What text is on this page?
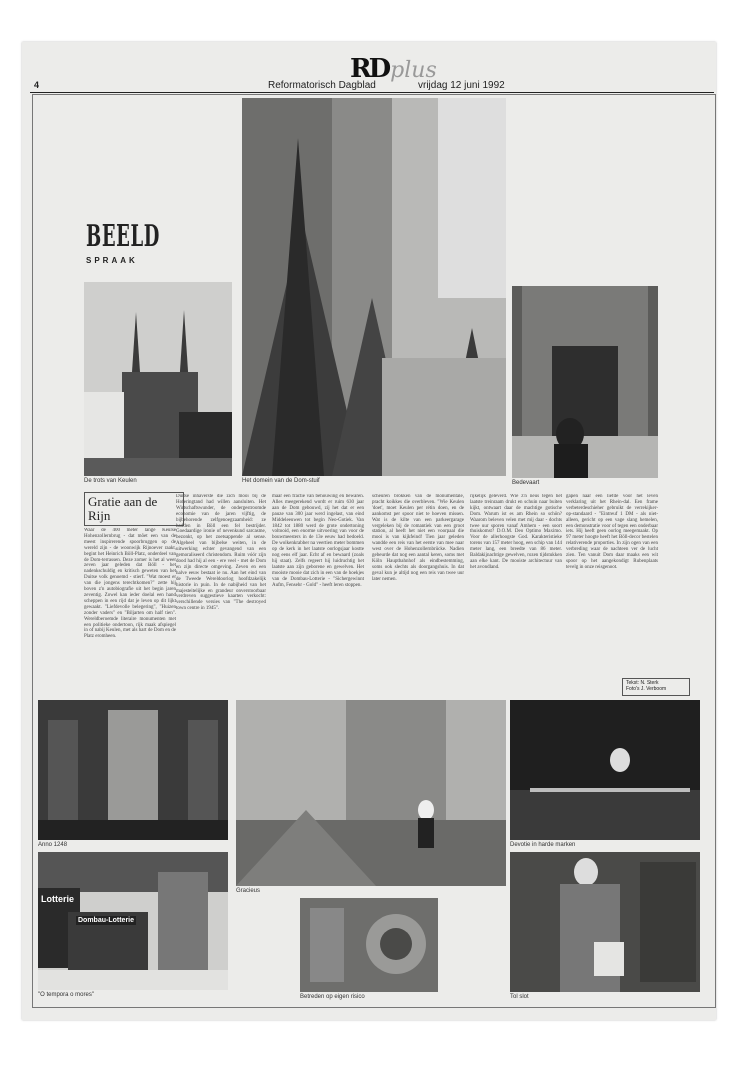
4
RDplus
Reformatorisch Dagblad	vrijdag 12 juni 1992
BEELD
SPRAAK
De trots van Keulen	Het domein van de Dom-stuif	Bedevaart
Gratie aan de Rijn
Waar de 400 meter lange Keulse Hohenzollernbrug - dat môet een van de meest inspirerende spoorbruggen op de wereld zijn - de woonwijk Rijnoever raakt, begint het Heinrich Böll-Platz, onderdeel van de Dom-terrassen. Deze zomer is het al weer zeven jaar geleden dat Böll - het nadenkschuldig en kritisch geweten van het Duitse volk genoemd - stierf. "Wat moest er van die jongens terechtkomen?" zette hij boven z'n autobiografie uit het begin jaren zeventig. Zowel kan ieder doelal een hand scheppen in een rijd dat je leven op dit lijkt gewaakt. "Liefdevolle belegering", "Huizen zonder vaders" en "Biljarten om half tien". Wereldberoemde literaire monumenten met een politieke ondertoon, rijk maak afspiegel in of nabij Keulen, met als hart de Dom en de Platz eromheen.
Duitse inhaverste die zich mooi bij de Hoferingtand had willen aansluiten. Het Wirtschaftswunder, de ondergestroomde economie van de jaren vijftig, de bijbehorende zelfgenoegzaamheid: ze hadden in Böll een fel bestrijder. Goedaardige ironie of nevenkund sarcasme, bezonkt, op het zoetsappende al sense. Algeheel van bijbelse weiten, in de uitwerking echter gevangend van een gemoraliseerd christendom. Ruim vóór zijn dood had hij al een - ere veel - met de Dom en zijn directe omgeving. Zeven en een halve eeuw bestaat ie nu. Aan het eind van de Tweede Wereldoorlog hoofdzakelijk historie in puin. In de nabijheid van het majesteitelijke en grandeur onverstoorbaar verdreven suggestieve kaarten verkocht: verschillende versies van "The destroyed town centre in 1945".
maar een fractie van behouwing en bewaren. Alles meegerekend wordt er ruim 630 jaar aan de Dom gebouwd, zij het dat er een pauze van 300 jaar werd ingelast, van eind Middeleeuwen tot begin Neo-Gotiek. Van 1842 tot 1880 werd de grote ondertoning voltooid, een enorme uitvoering van voor de bouwmeesters in de 13e eeuw had bedoeld. De wolkenkrabber na veertien meter bommen op de kerk in het laatste oorlogsjaar kostte nog eens elf jaar. Echt af en bewaard (zoals hij staat). Zelfs regeert hij luidruchtig het laatste aan zijn geborene en gewelven. Het mooiste mooie dat zich in een van de hoekjes van de Dombau-Lotterie - "Sichergewinnt Aufm, Fensehr - Gold" - heeft leren stoppen.
scheuren brokken van de monumentale, pracht koikkes die overbleven. "Wie Keulen 'doet', moet Keulen per rétin doen, en de aankomst per spoor niet te hoeven missen. Wat is de kilte van een parkeergarage vergeleken bij de romantiek van een groot station, al heeft het niet een voorpaal die mooi is van kijkfeind! Tien jaar geleden wandde een reis van het eerste van mee naar west over de Hohenzollernbrücke. Nadien gebeurde dat nog een aantal keren, soms met Köln Hauptbahnhof als eindbestemming, soms ook slechts als doorgangshuis. In dat geval kun je altijd nog een reis van twee uur later nemen.
rijkelijk geleverd. Wie z'n neus tegen het laatste treinraam drukt en schuin naar buiten kijkt, ontwaart daar de machtige gotische Dom. Warum ist es am Rhein so schön? Waarom beleven velen met mij daar - dochts twee uur sporen vanaf Amhem - een soort thuiskomst? D.O.M. Deo Optimo Maximo. Voor de allerhoogste God. Karakteristieke torens van 157 meter hoog, een schip van 144 meter lang, een breedte van 86 meter. Baldakijnachtige gewelven, rozen tijdstukken aan elke kant. De mooiste architectuur van het avondland.
gapen naar een liefde voor het leven verklaring uit het Rhein-dal. Een frame verbeterdeschieher gebruikt de verrekijker-op-standaard - "Eintreuf 1 DM - als niet-alleen, gericht op een vage slang hemelen, een demonstratie voor of tegen een onderbaar iets. Hij heeft geen oorlog meegemaakt. Op 97 meter hoogte heeft het Böll-decor bestelen relativerende proporties. In zijn ogen van een verbreding waar de nachteen ver de lucht zien. Ten vanuit Dom daar maaks een wit spoor op het aangekondigt Rubenplaats tevelg in onze reisgenoot.
Tekst: N. Sterk
Foto's J. Verboom
Anno 1248
Gracieus
Devotie in harde marken
Lotterie
Dombau-Lotterie
"O tempora o mores"	Betreden op eigen risico	Tol slot
